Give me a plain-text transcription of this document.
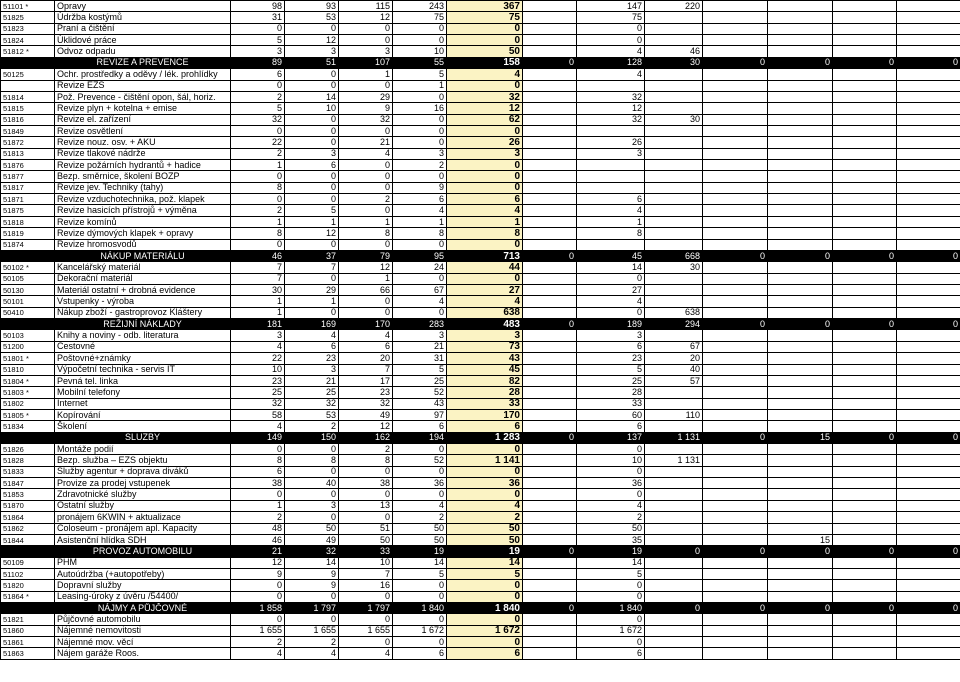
51101 *	Opravy	98	93	115	243	367		147	220				
51825	Údržba kostýmů	31	53	12	75	75		75					
51823	Praní a čištění	0	0	0	0	0		0					
51824	Úklidové práce	5	12	0	0	0		0					
51812 *	Odvoz odpadu	3	3	3	10	50		4	46				
	REVIZE A PREVENCE	89	51	107	55	158	0	128	30	0	0	0	0
50125	Ochr. prostředky a oděvy / lék. prohlídky	6	0	1	5	4		4					
	Revize EZS	0	0	0	1	0							
51814	Pož. Prevence - čištění opon, šál, horiz.	2	14	29	0	32		32					
51815	Revize plyn + kotelna + emise	5	10	9	16	12		12					
51816	Revize el. zařízení	32	0	32	0	62		32	30				
51849	Revize osvětlení	0	0	0	0	0							
51872	Revize nouz. osv. + AKU	22	0	21	0	26		26					
51813	Revize tlakové nádrže	2	3	4	3	3		3					
51876	Revize požárních hydrantů + hadice	1	6	0	2	0							
51877	Bezp. směrnice, školení BOZP	0	0	0	0	0							
51817	Revize jev. Techniky (tahy)	8	0	0	9	0							
51871	Revize vzduchotechnika, pož. klapek	0	0	2	6	6		6					
51875	Revize hasicích přístrojů + výměna	2	5	0	4	4		4					
51818	Revize komínů	1	1	1	1	1		1					
51819	Revize dýmových klapek + opravy	8	12	8	8	8		8					
51874	Revize hromosvodů	0	0	0	0	0							
	NÁKUP MATERIÁLU	46	37	79	95	713	0	45	668	0	0	0	0
50102 *	Kancelářský materiál	7	7	12	24	44		14	30				
50105	Dekorační materiál	7	0	1	0	0		0					
50130	Materiál ostatní + drobná evidence	30	29	66	67	27		27					
50101	Vstupenky - výroba	1	1	0	4	4		4					
50410	Nákup zboží - gastroprovoz Kláštery	1	0	0	0	638		0	638				
	REŽIJNÍ NÁKLADY	181	169	170	283	483	0	189	294	0	0	0	0
50103	Knihy a noviny - odb. literatura	3	4	4	3	3		3					
51200	Cestovné	4	6	6	21	73		6	67				
51801 *	Poštovné+známky	22	23	20	31	43		23	20				
51810	Výpočetní technika - servis IT	10	3	7	5	45		5	40				
51804 *	Pevná tel. linka	23	21	17	25	82		25	57				
51803 *	Mobilní telefony	25	25	23	52	28		28					
51802	Internet	32	32	32	43	33		33					
51805 *	Kopírování	58	53	49	97	170		60	110				
51834	Školení	4	2	12	6	6		6					
	SLUŽBY	149	150	162	194	1 283	0	137	1 131	0	15	0	0
51826	Montáže podií	0	0	2	0	0		0					
51828	Bezp. služba – EZS objektu	8	8	8	52	1 141		10	1 131				
51833	Služby agentur + doprava diváků	6	0	0	0	0		0					
51847	Provize za prodej vstupenek	38	40	38	36	36		36					
51853	Zdravotnické služby	0	0	0	0	0		0					
51870	Ostatní služby	1	3	13	4	4		4					
51864	pronájem 6KWIN + aktualizace	2	0	0	2	2		2					
51862	Coloseum - pronájem apl. Kapacity	48	50	51	50	50		50					
51844	Asistenční hlídka SDH	46	49	50	50	50		35			15		
	PROVOZ AUTOMOBILU	21	32	33	19	19	0	19	0	0	0	0	0
50109	PHM	12	14	10	14	14		14					
51102	Autoúdržba (+autopotřeby)	9	9	7	5	5		5					
51820	Dopravní služby	0	9	16	0	0		0					
51864 *	Leasing-úroky z úvěru /54400/	0	0	0	0	0		0					
	NÁJMY A PŮJČOVNÉ	1 858	1 797	1 797	1 840	1 840	0	1 840	0	0	0	0	0
51821	Půjčovné automobilu	0	0	0	0	0		0					
51860	Nájemné nemovitosti	1 655	1 655	1 655	1 672	1 672		1 672					
51861	Nájemné mov. věcí	2	2	0	0	0		0					
51863	Nájem garáže Roos.	4	4	4	6	6		6					
